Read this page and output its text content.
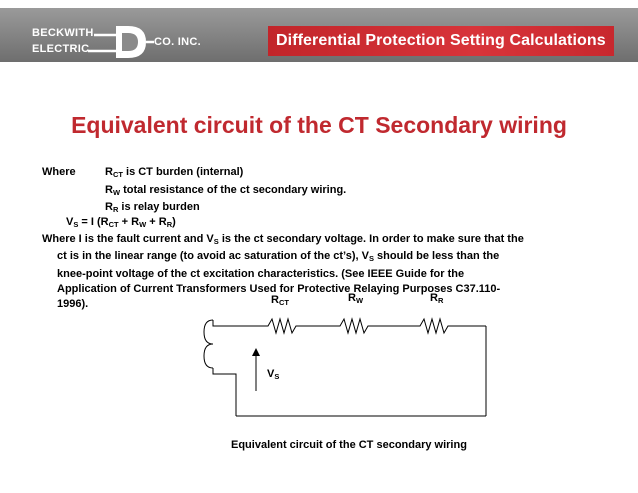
BECKWITH
ELECTRIC
CO. INC.	Differential Protection Setting Calculations
Equivalent circuit of the CT Secondary wiring
Where	$R_{CT}$ is CT burden (internal)
$R_W$ total resistance of the ct secondary wiring.
$R_R$ is relay burden
$V_S = I$ $(R_{CT} + R_W + R_R)$
Where I is the fault current and $V_S$ is the ct secondary voltage. In order to make sure that the
ct is in the linear range (to avoid ac saturation of the ct’s), $V_S$ should be less than the
knee-point voltage of the ct excitation characteristics. (See IEEE Guide for the
Application of Current Transformers Used for Protective Relaying Purposes C37.110-
1996).	$R_{CT}$	$R_W$	$R_R$
$V_S$
Equivalent circuit of the CT secondary wiring
